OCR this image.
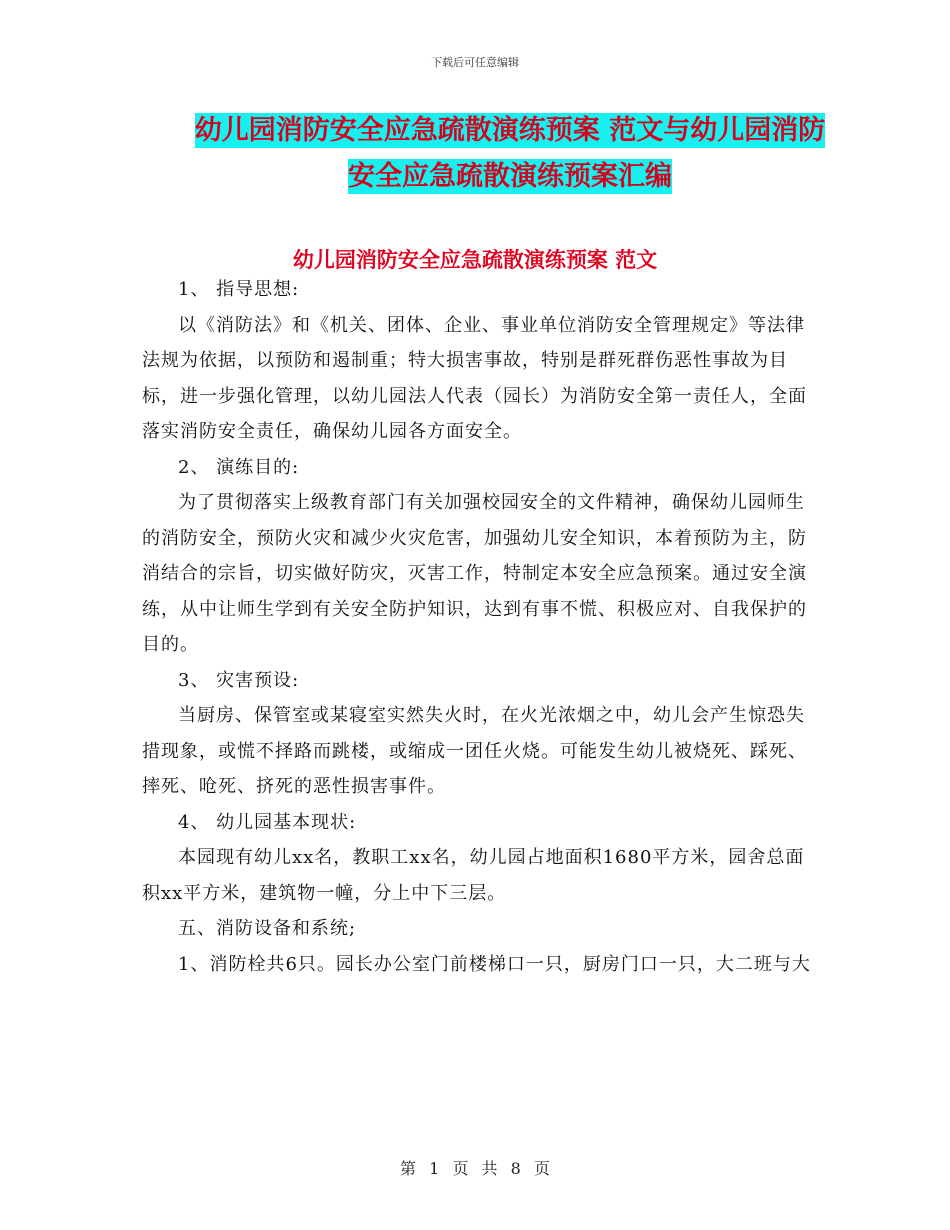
下载后可任意编辑
幼儿园消防安全应急疏散演练预案 范文与幼儿园消防
安全应急疏散演练预案汇编
幼儿园消防安全应急疏散演练预案 范文

1、 指导思想:

以《消防法》和《机关、团体、企业、事业单位消防安全管理规定》等法律法规为依据，以预防和遏制重；特大损害事故，特别是群死群伤恶性事故为目标，进一步强化管理，以幼儿园法人代表（园长）为消防安全第一责任人，全面落实消防安全责任，确保幼儿园各方面安全。

2、 演练目的:

为了贯彻落实上级教育部门有关加强校园安全的文件精神，确保幼儿园师生的消防安全，预防火灾和减少火灾危害，加强幼儿安全知识，本着预防为主，防消结合的宗旨，切实做好防灾，灭害工作，特制定本安全应急预案。通过安全演练，从中让师生学到有关安全防护知识，达到有事不慌、积极应对、自我保护的目的。

3、 灾害预设:

当厨房、保管室或某寝室实然失火时，在火光浓烟之中，幼儿会产生惊恐失措现象，或慌不择路而跳楼，或缩成一团任火烧。可能发生幼儿被烧死、踩死、摔死、呛死、挤死的恶性损害事件。

4、 幼儿园基本现状:

本园现有幼儿xx名，教职工xx名，幼儿园占地面积1680平方米，园舍总面积xx平方米，建筑物一幢，分上中下三层。

五、消防设备和系统;

1、消防栓共6只。园长办公室门前楼梯口一只，厨房门口一只，大二班与大

第 1 页 共 8 页
